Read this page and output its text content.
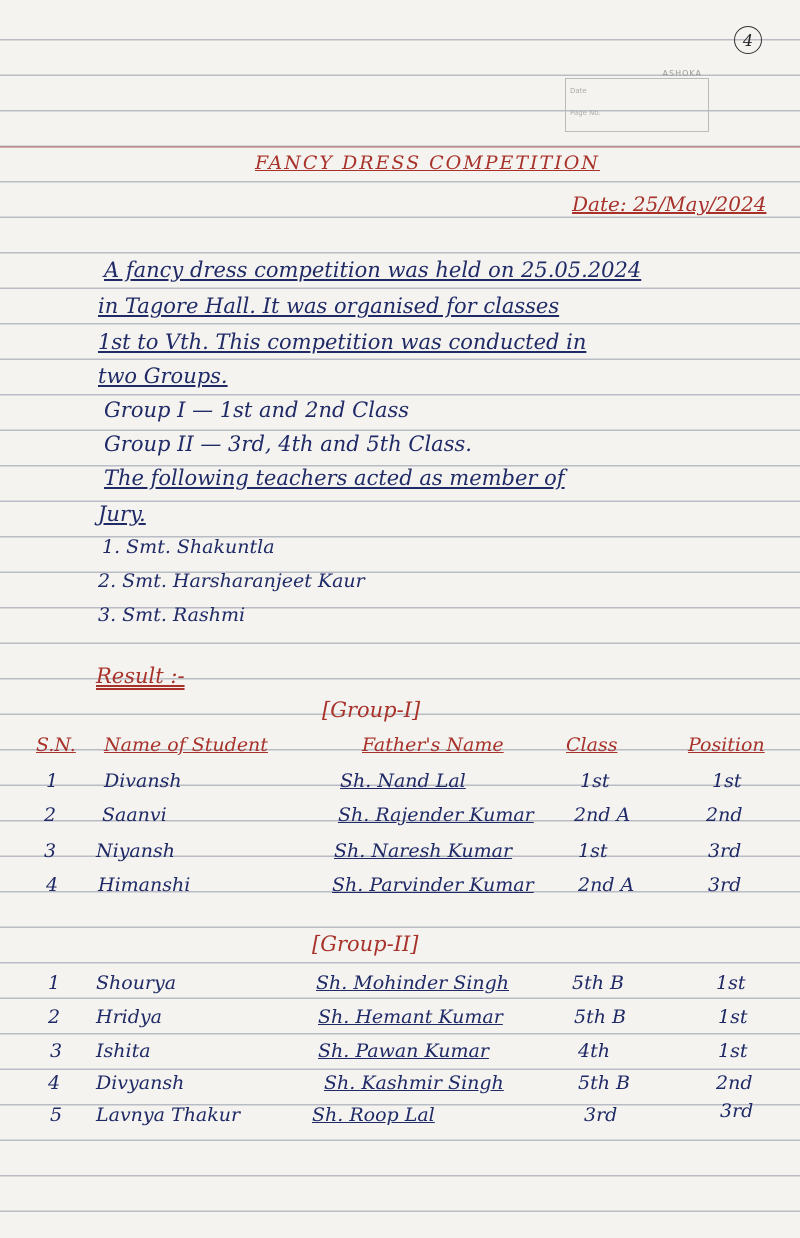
4
ASHOKA
Date
Page No.
FANCY DRESS COMPETITION
Date: 25/May/2024
A fancy dress competition was held on 25.05.2024
in Tagore Hall. It was organised for classes
1st to Vth. This competition was conducted in
two Groups.
Group I — 1st and 2nd Class
Group II — 3rd, 4th and 5th Class.
The following teachers acted as member of
Jury.
1. Smt. Shakuntla
2. Smt. Harsharanjeet Kaur
3. Smt. Rashmi
Result :-
[Group-I]
S.N. Name of Student	Father's Name	Class	Position
1 Divansh	Sh. Nand Lal	1st	1st
2 Saanvi	Sh. Rajender Kumar 2nd A	2nd
3 Niyansh	Sh. Naresh Kumar	1st	3rd
4 Himanshi	Sh. Parvinder Kumar 2nd A	3rd
[Group-II]
1 Shourya	Sh. Mohinder Singh	5th B	1st
2 Hridya	Sh. Hemant Kumar	5th B	1st
3 Ishita	Sh. Pawan Kumar	4th	1st
4 Divyansh	Sh. Kashmir Singh	5th B	2nd
5 Lavnya Thakur	Sh. Roop Lal	3rd	3rd
